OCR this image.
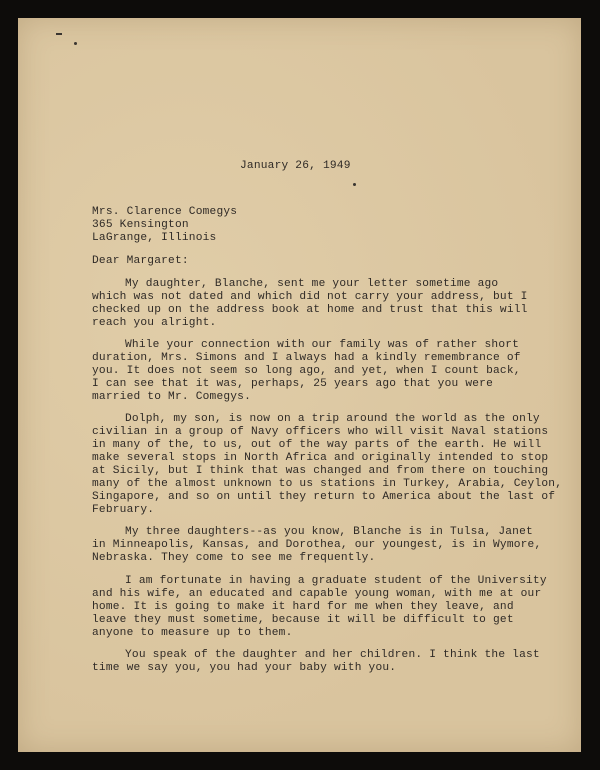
January 26, 1949
Mrs. Clarence Comegys
365 Kensington
LaGrange, Illinois
Dear Margaret:
My daughter, Blanche, sent me your letter sometime ago
which was not dated and which did not carry your address, but I
checked up on the address book at home and trust that this will
reach you alright.
While your connection with our family was of rather short
duration, Mrs. Simons and I always had a kindly remembrance of
you. It does not seem so long ago, and yet, when I count back,
I can see that it was, perhaps, 25 years ago that you were
married to Mr. Comegys.
Dolph, my son, is now on a trip around the world as the only
civilian in a group of Navy officers who will visit Naval stations
in many of the, to us, out of the way parts of the earth. He will
make several stops in North Africa and originally intended to stop
at Sicily, but I think that was changed and from there on touching
many of the almost unknown to us stations in Turkey, Arabia, Ceylon,
Singapore, and so on until they return to America about the last of
February.
My three daughters--as you know, Blanche is in Tulsa, Janet
in Minneapolis, Kansas, and Dorothea, our youngest, is in Wymore,
Nebraska. They come to see me frequently.
I am fortunate in having a graduate student of the University
and his wife, an educated and capable young woman, with me at our
home. It is going to make it hard for me when they leave, and
leave they must sometime, because it will be difficult to get
anyone to measure up to them.
You speak of the daughter and her children. I think the last
time we say you, you had your baby with you.
